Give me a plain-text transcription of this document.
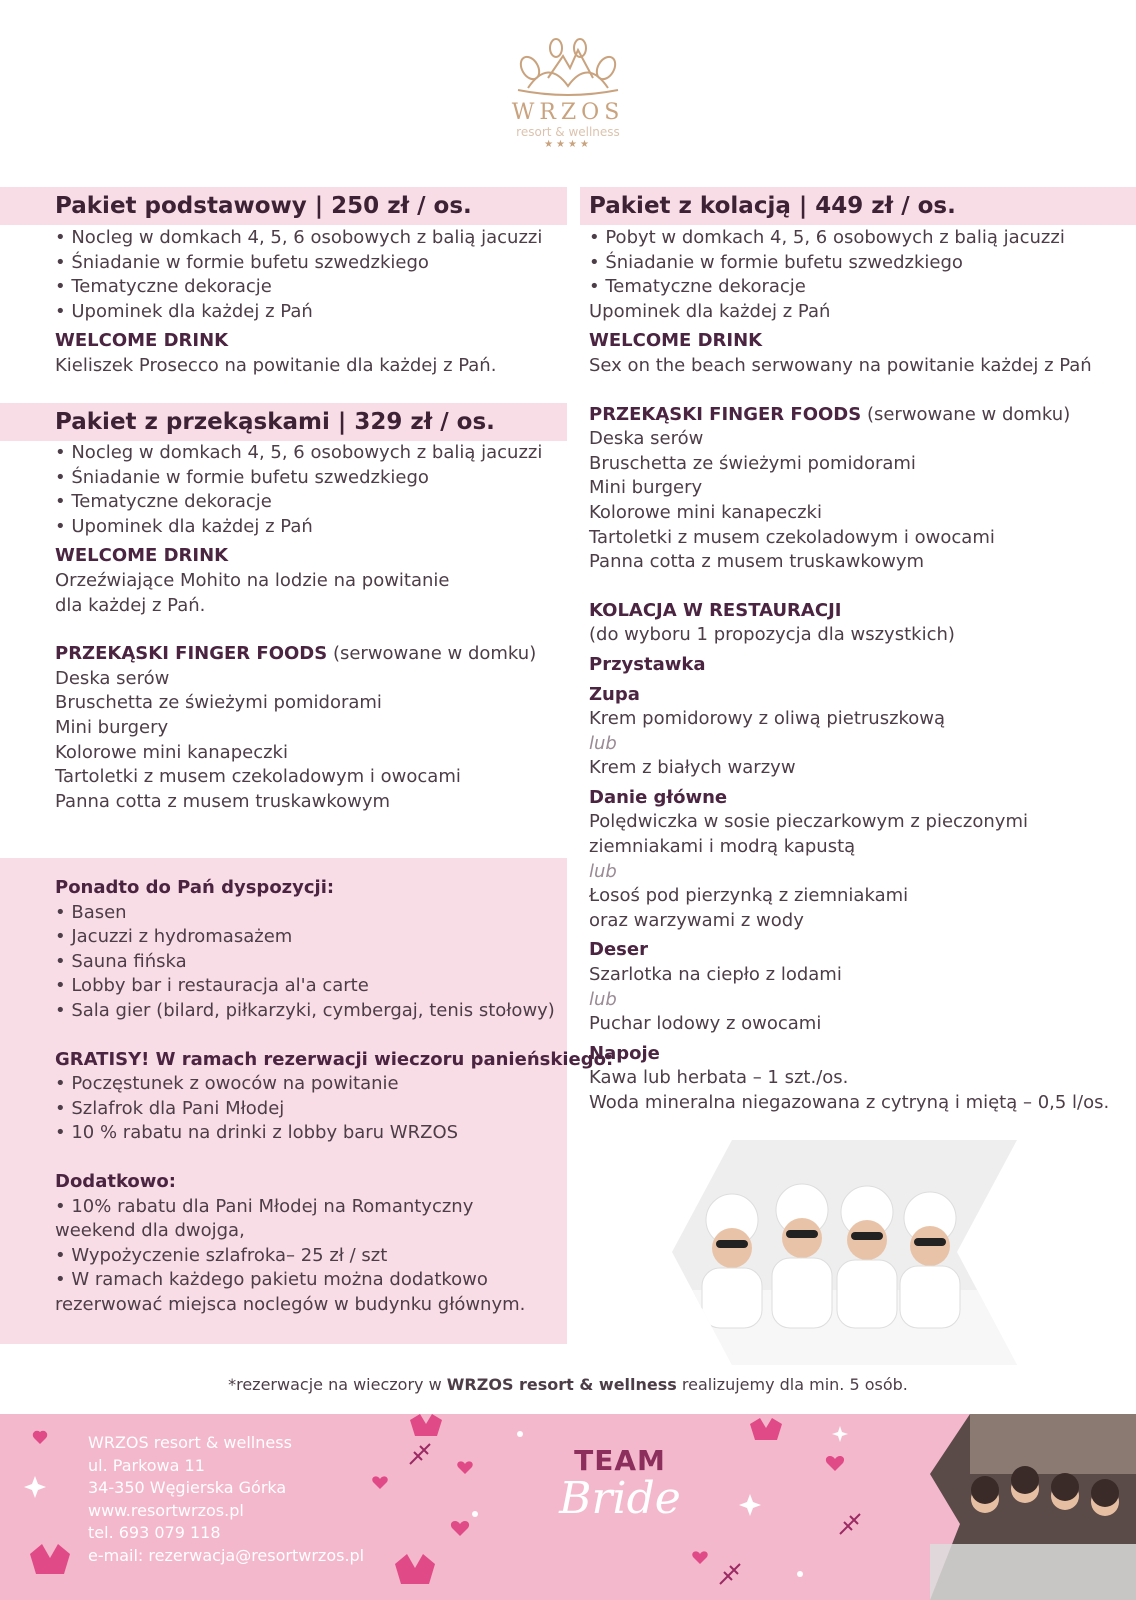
WRZOS
resort & wellness
★★★★
Pakiet podstawowy | 250 zł / os.
Pakiet z przekąskami | 329 zł / os.
Pakiet z kolacją | 449 zł / os.
• Nocleg w domkach 4, 5, 6 osobowych z balią jacuzzi
• Śniadanie w formie bufetu szwedzkiego
• Tematyczne dekoracje
• Upominek dla każdej z Pań
WELCOME DRINK
Kieliszek Prosecco na powitanie dla każdej z Pań.
• Nocleg w domkach 4, 5, 6 osobowych z balią jacuzzi
• Śniadanie w formie bufetu szwedzkiego
• Tematyczne dekoracje
• Upominek dla każdej z Pań
WELCOME DRINK
Orzeźwiające Mohito na lodzie na powitanie
dla każdej z Pań.
PRZEKĄSKI FINGER FOODS (serwowane w domku)
Deska serów
Bruschetta ze świeżymi pomidorami
Mini burgery
Kolorowe mini kanapeczki
Tartoletki z musem czekoladowym i owocami
Panna cotta z musem truskawkowym
Ponadto do Pań dyspozycji:
• Basen
• Jacuzzi z hydromasażem
• Sauna fińska
• Lobby bar i restauracja al'a carte
• Sala gier (bilard, piłkarzyki, cymbergaj, tenis stołowy)
GRATISY! W ramach rezerwacji wieczoru panieńskiego:
• Poczęstunek z owoców na powitanie
• Szlafrok dla Pani Młodej
• 10 % rabatu na drinki z lobby baru WRZOS
Dodatkowo:
• 10% rabatu dla Pani Młodej na Romantyczny
weekend dla dwojga,
• Wypożyczenie szlafroka– 25 zł / szt
• W ramach każdego pakietu można dodatkowo
rezerwować miejsca noclegów w budynku głównym.
• Pobyt w domkach 4, 5, 6 osobowych z balią jacuzzi
• Śniadanie w formie bufetu szwedzkiego
• Tematyczne dekoracje
Upominek dla każdej z Pań
WELCOME DRINK
Sex on the beach serwowany na powitanie każdej z Pań
PRZEKĄSKI FINGER FOODS (serwowane w domku)
Deska serów
Bruschetta ze świeżymi pomidorami
Mini burgery
Kolorowe mini kanapeczki
Tartoletki z musem czekoladowym i owocami
Panna cotta z musem truskawkowym
KOLACJA W RESTAURACJI
(do wyboru 1 propozycja dla wszystkich)
Przystawka
Zupa
Krem pomidorowy z oliwą pietruszkową
lub
Krem z białych warzyw
Danie główne
Polędwiczka w sosie pieczarkowym z pieczonymi
ziemniakami i modrą kapustą
lub
Łosoś pod pierzynką z ziemniakami
oraz warzywami z wody
Deser
Szarlotka na ciepło z lodami
lub
Puchar lodowy z owocami
Napoje
Kawa lub herbata – 1 szt./os.
Woda mineralna niegazowana z cytryną i miętą – 0,5 l/os.
*rezerwacje na wieczory w WRZOS resort & wellness realizujemy dla min. 5 osób.
WRZOS resort & wellness
ul. Parkowa 11
34-350 Węgierska Górka
www.resortwrzos.pl
tel. 693 079 118
e-mail: rezerwacja@resortwrzos.pl
TEAM
Bride
